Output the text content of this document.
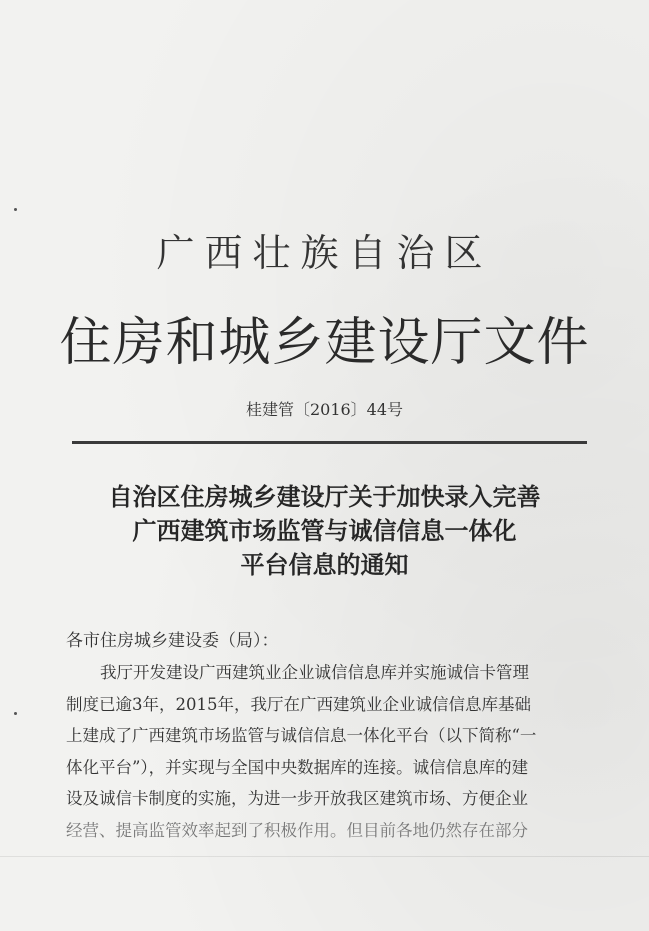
广西壮族自治区
住房和城乡建设厅文件
桂建管〔2016〕44号
自治区住房城乡建设厅关于加快录入完善
广西建筑市场监管与诚信信息一体化
平台信息的通知
各市住房城乡建设委（局）：
我厅开发建设广西建筑业企业诚信信息库并实施诚信卡管理
制度已逾3年，2015年，我厅在广西建筑业企业诚信信息库基础
上建成了广西建筑市场监管与诚信信息一体化平台（以下简称“一
体化平台”），并实现与全国中央数据库的连接。诚信信息库的建
设及诚信卡制度的实施，为进一步开放我区建筑市场、方便企业
经营、提高监管效率起到了积极作用。但目前各地仍然存在部分
